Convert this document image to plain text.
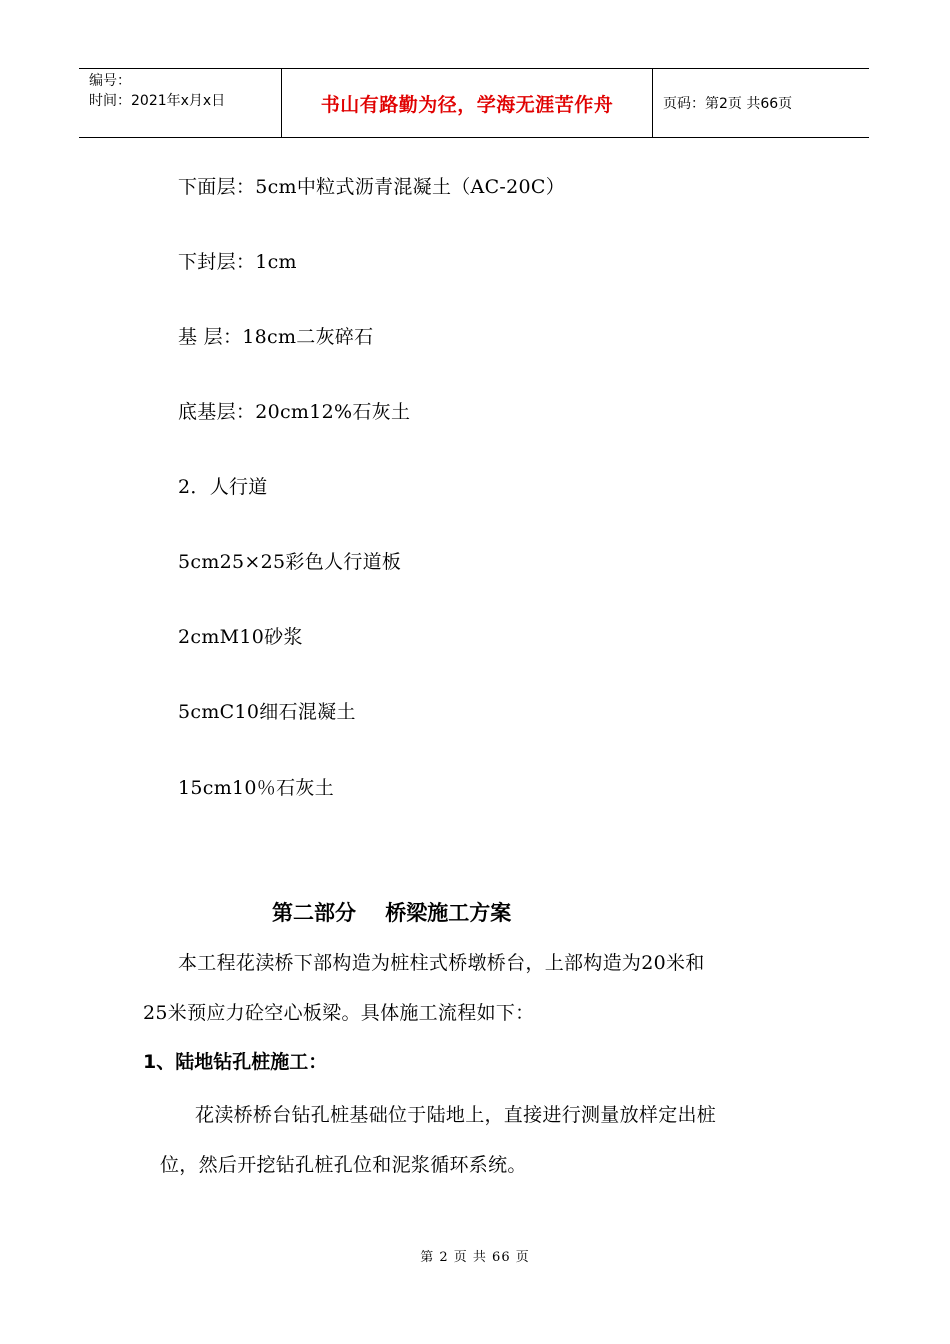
编号：
时间：2021年x月x日	书山有路勤为径，学海无涯苦作舟	页码：第2页 共66页
下面层：5cm中粒式沥青混凝土（AC-20C）
下封层：1cm
基 层：18cm二灰碎石
底基层：20cm12%石灰土
2．人行道
5cm25×25彩色人行道板
2cmM10砂浆
5cmC10细石混凝土
15cm10％石灰土
第二部分    桥梁施工方案
本工程花渎桥下部构造为桩柱式桥墩桥台，上部构造为20米和
25米预应力砼空心板梁。具体施工流程如下：
1、陆地钻孔桩施工：
花渎桥桥台钻孔桩基础位于陆地上，直接进行测量放样定出桩
位，然后开挖钻孔桩孔位和泥浆循环系统。
第 2 页 共 66 页
